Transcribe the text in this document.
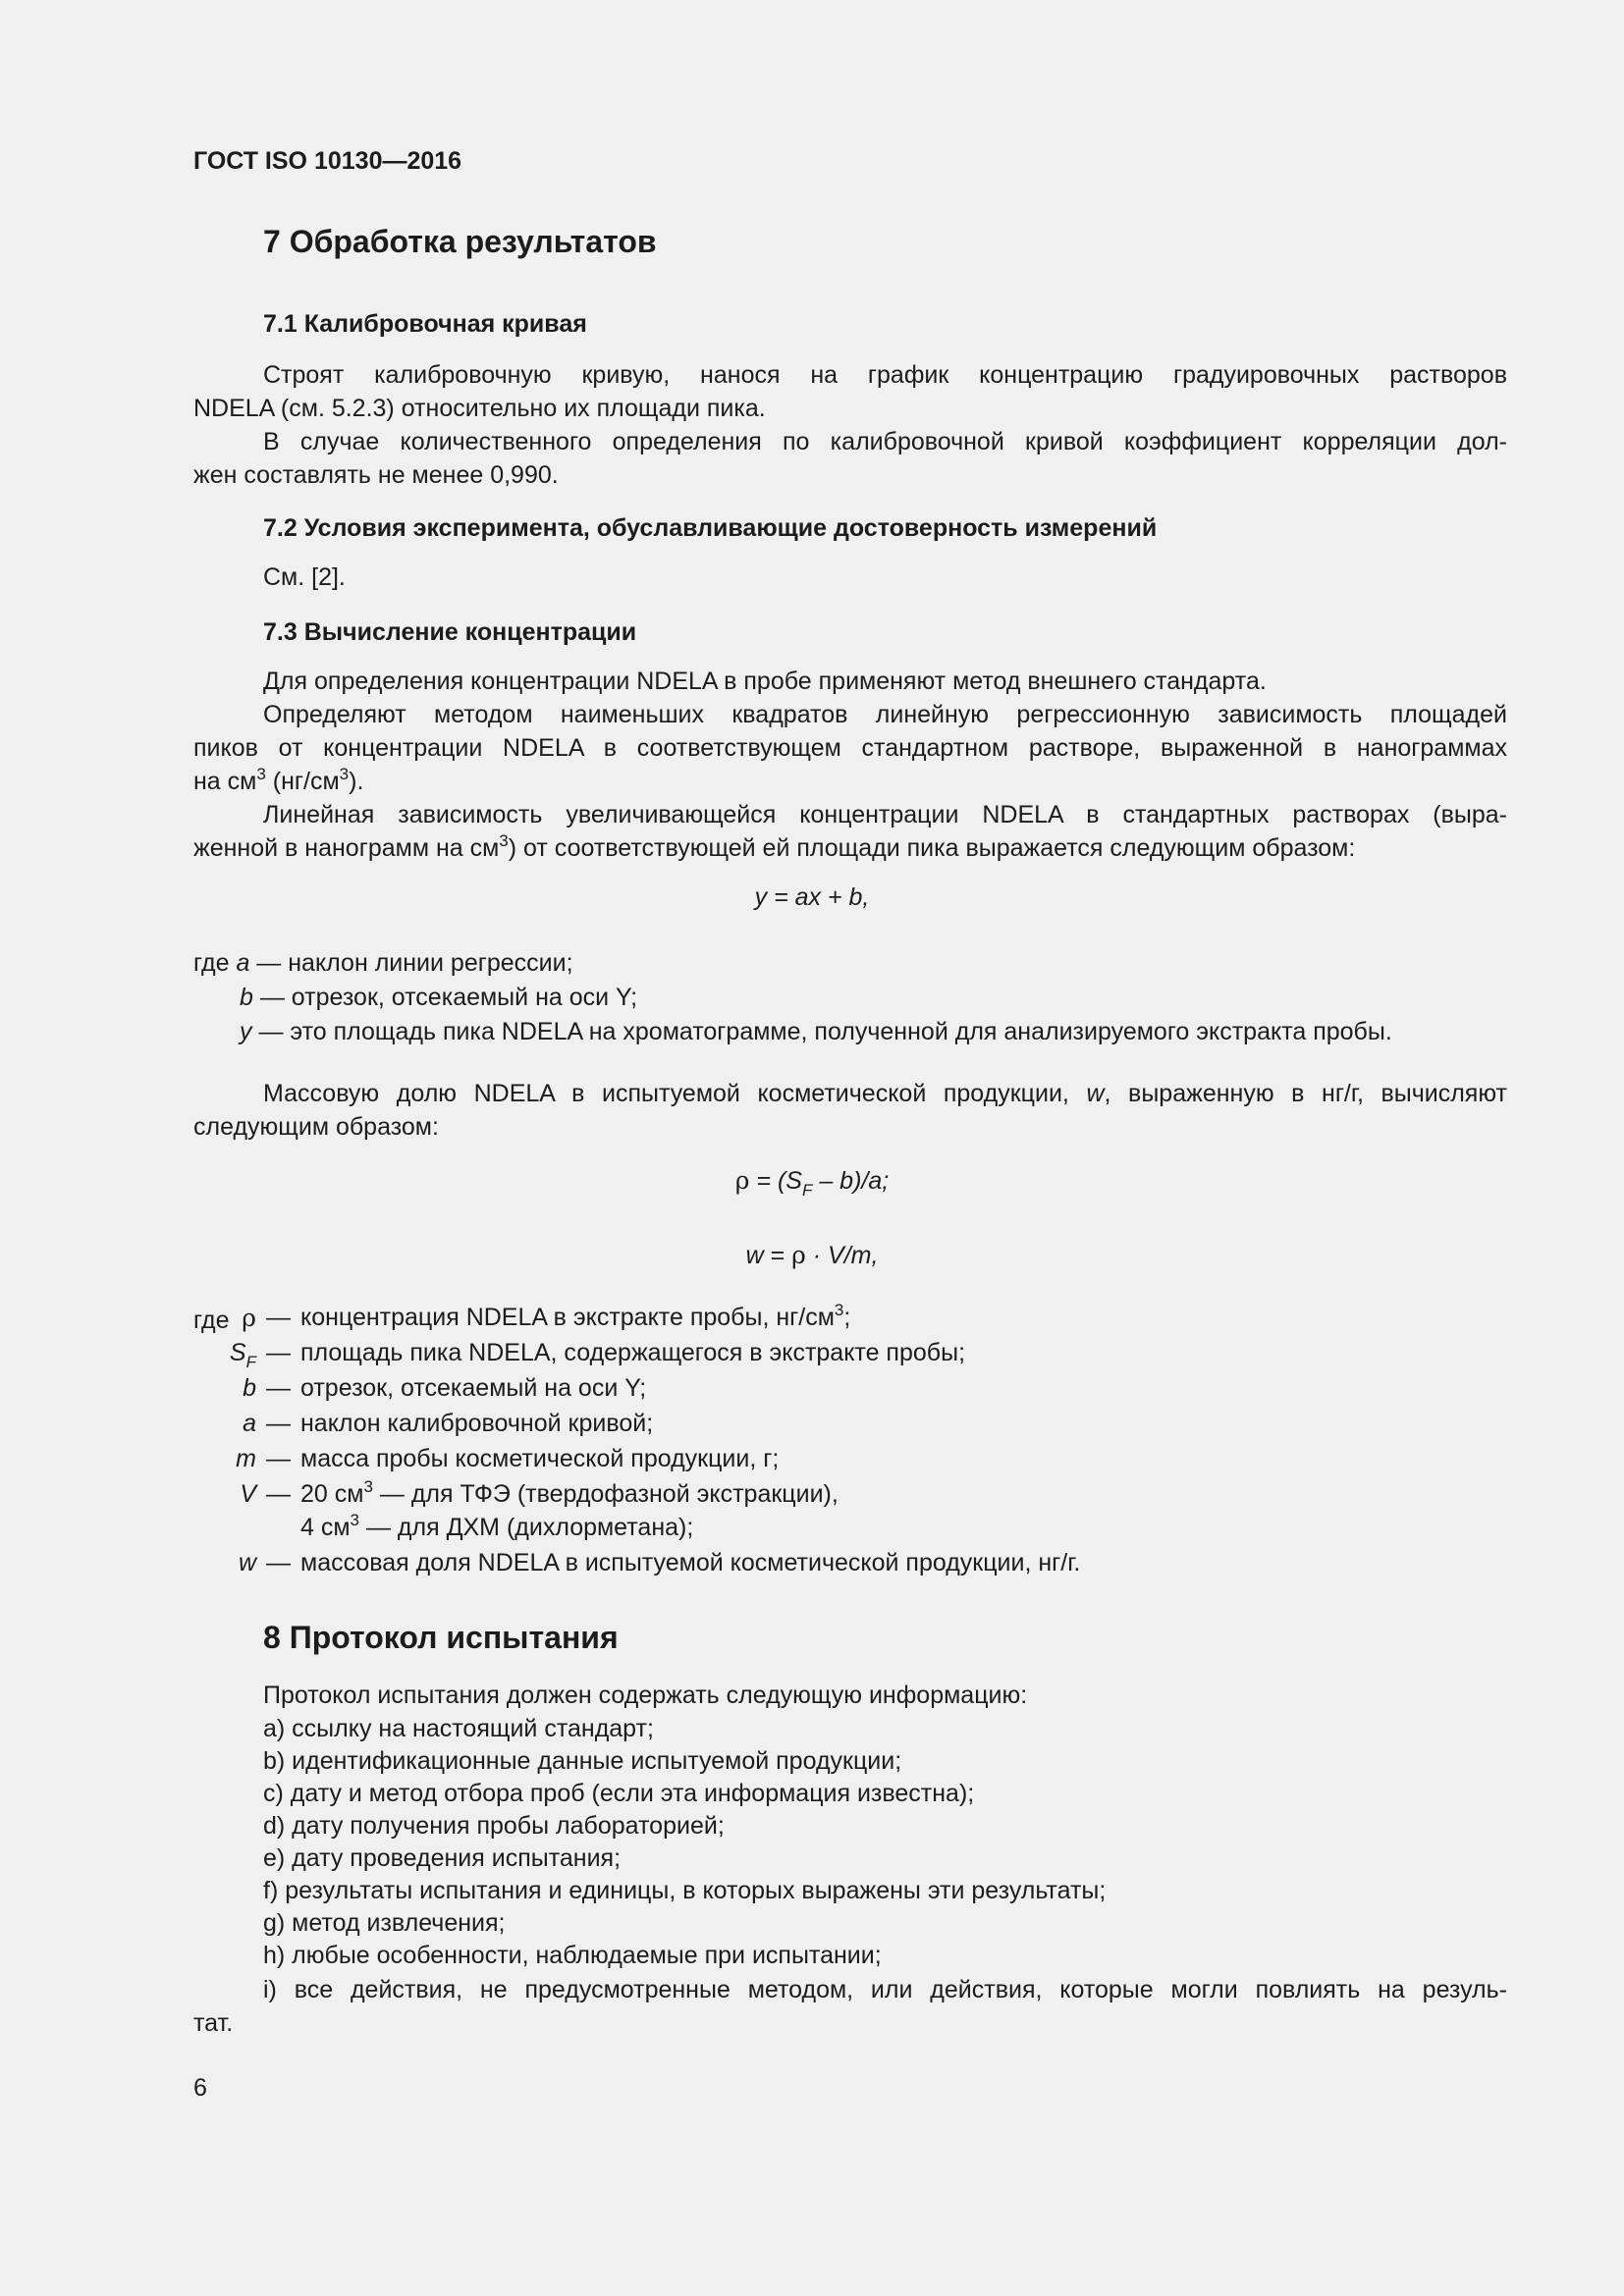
ГОСТ ISO 10130—2016
7 Обработка результатов
7.1 Калибровочная кривая
Строят калибровочную кривую, нанося на график концентрацию градуировочных растворов
NDELA (см. 5.2.3) относительно их площади пика.
В случае количественного определения по калибровочной кривой коэффициент корреляции дол-
жен составлять не менее 0,990.
7.2 Условия эксперимента, обуславливающие достоверность измерений
См. [2].
7.3 Вычисление концентрации
Для определения концентрации NDELA в пробе применяют метод внешнего стандарта.
Определяют методом наименьших квадратов линейную регрессионную зависимость площадей
пиков от концентрации NDELA в соответствующем стандартном растворе, выраженной в нанограммах
на $см^3$ $(нг/см^3)$.
Линейная зависимость увеличивающейся концентрации NDELA в стандартных растворах (выра-
женной в нанограмм на $см^3$) от соответствующей ей площади пика выражается следующим образом:
y = ax + b,
где a — наклон линии регрессии;
b — отрезок, отсекаемый на оси Y;
y — это площадь пика NDELA на хроматограмме, полученной для анализируемого экстракта пробы.
Массовую долю NDELA в испытуемой косметической продукции, w, выраженную в нг/г, вычисляют
следующим образом:
$\rho = (S_F - b)/a$;
w = ρ · V/m,
где ρ — концентрация NDELA в экстракте пробы, $нг/см^3$;
$S_F$ — площадь пика NDELA, содержащегося в экстракте пробы;
b — отрезок, отсекаемый на оси Y;
a — наклон калибровочной кривой;
m — масса пробы косметической продукции, г;
V — 20 $см^3$ — для ТФЭ (твердофазной экстракции),
4 $см^3$ — для ДХМ (дихлорметана);
w — массовая доля NDELA в испытуемой косметической продукции, нг/г.
8 Протокол испытания
Протокол испытания должен содержать следующую информацию:
a) ссылку на настоящий стандарт;
b) идентификационные данные испытуемой продукции;
c) дату и метод отбора проб (если эта информация известна);
d) дату получения пробы лабораторией;
e) дату проведения испытания;
f) результаты испытания и единицы, в которых выражены эти результаты;
g) метод извлечения;
h) любые особенности, наблюдаемые при испытании;
i) все действия, не предусмотренные методом, или действия, которые могли повлиять на резуль-
тат.
6
